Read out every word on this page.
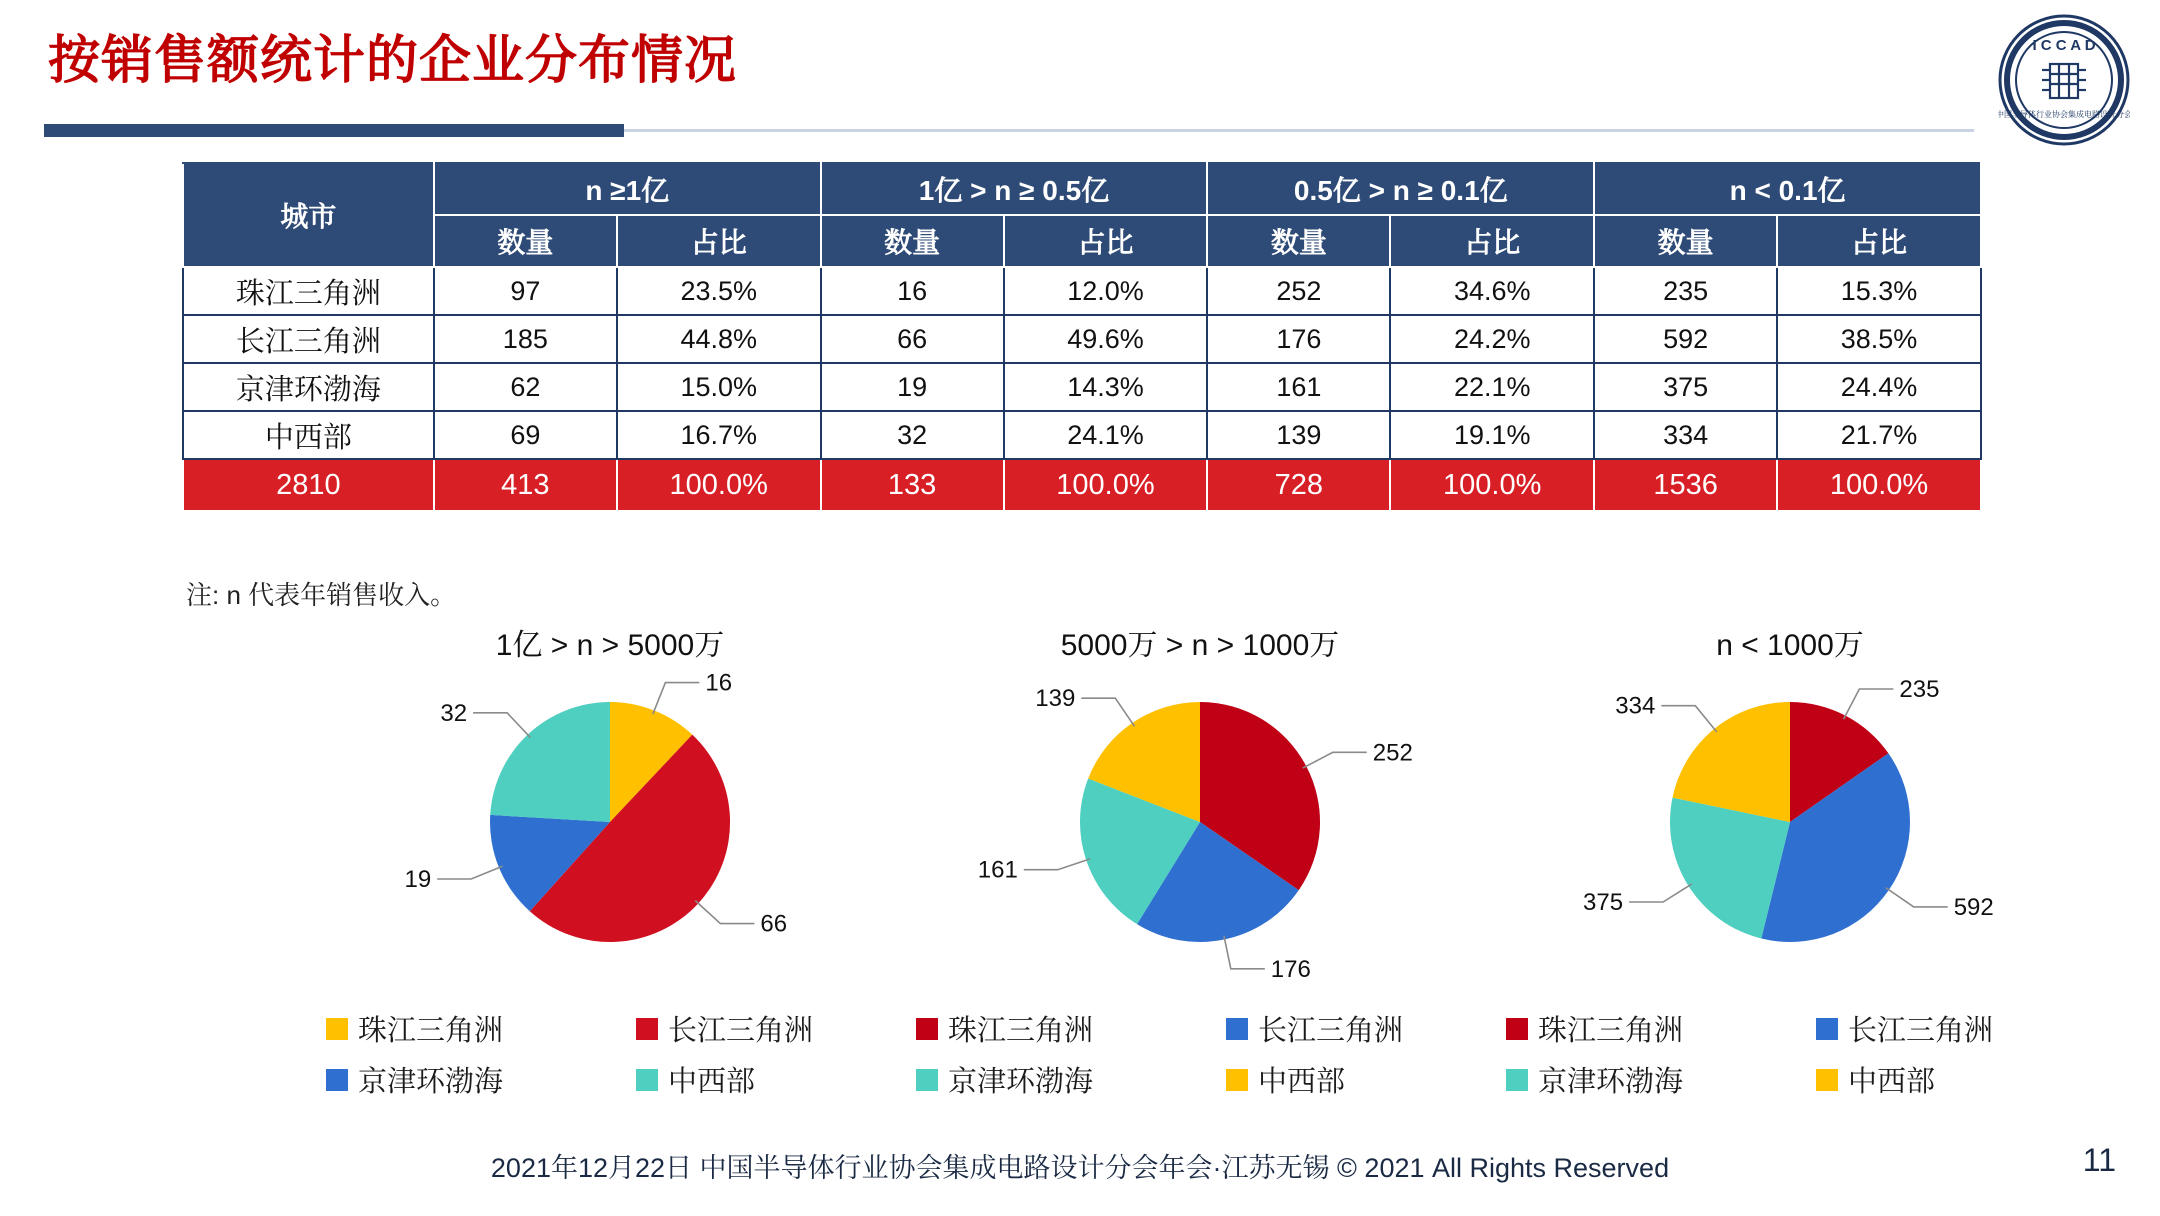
按销售额统计的企业分布情况	I C C A D
中国半导体行业协会集成电路设计分会
城市	n ≥1亿		1亿 > n ≥ 0.5亿		0.5亿 > n ≥ 0.1亿		n < 0.1亿	
	数量	占比	数量	占比	数量	占比	数量	占比
珠江三角洲	97	23.5%	16	12.0%	252	34.6%	235	15.3%
长江三角洲	185	44.8%	66	49.6%	176	24.2%	592	38.5%
京津环渤海	62	15.0%	19	14.3%	161	22.1%	375	24.4%
中西部	69	16.7%	32	24.1%	139	19.1%	334	21.7%
2810	413	100.0%	133	100.0%	728	100.0%	1536	100.0%
注: n 代表年销售收入。
1亿 > n > 5000万
16
66
19
32
珠江三角洲	长江三角洲
京津环渤海	中西部
5000万 > n > 1000万
252
176
161
139
珠江三角洲	长江三角洲
京津环渤海	中西部
n < 1000万
235
592
375
334
珠江三角洲	长江三角洲
京津环渤海	中西部
2021年12月22日 中国半导体行业协会集成电路设计分会年会·江苏无锡 © 2021 All Rights Reserved	11
